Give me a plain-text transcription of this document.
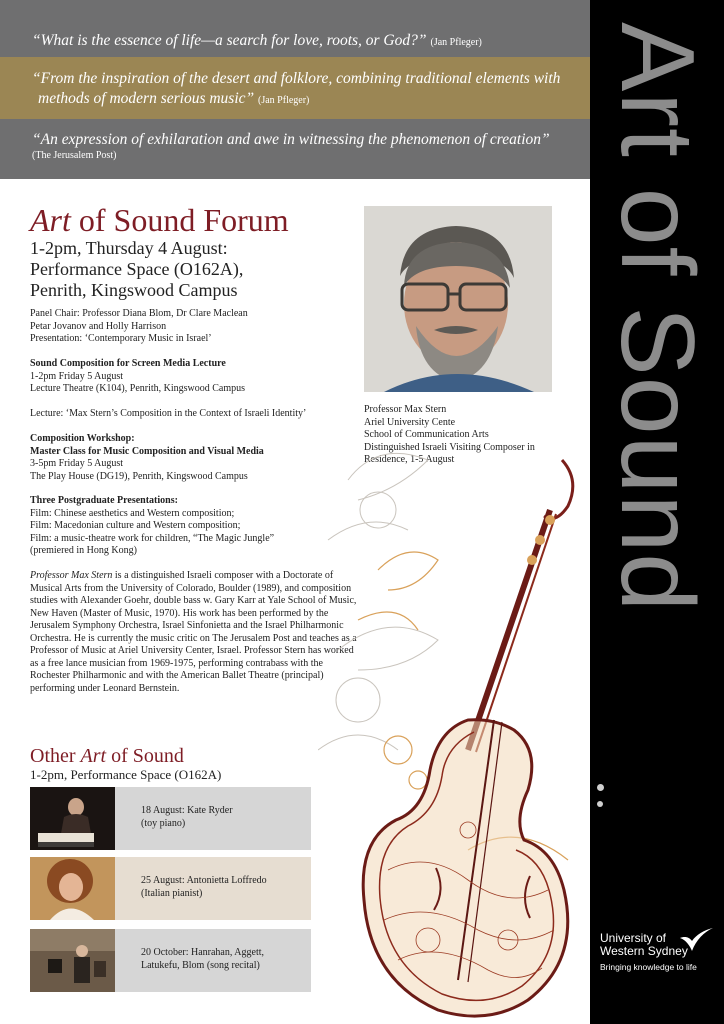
“What is the essence of life—a search for love, roots, or God?” (Jan Pfleger)
“From the inspiration of the desert and folklore, combining traditional elements with
methods of modern serious music” (Jan Pfleger)
“An expression of exhilaration and awe in witnessing the phenomenon of creation”
(The Jerusalem Post)	Art of Sound
University of
Western Sydney
Bringing knowledge to life
Art of Sound Forum
1-2pm, Thursday 4 August:
Performance Space (O162A),
Penrith, Kingswood Campus
Panel Chair: Professor Diana Blom, Dr Clare Maclean
Petar Jovanov and Holly Harrison
Presentation: ‘Contemporary Music in Israel’
Sound Composition for Screen Media Lecture
1-2pm Friday 5 August
Lecture Theatre (K104), Penrith, Kingswood Campus
Lecture: ‘Max Stern’s Composition in the Context of Israeli Identity’
Composition Workshop:
Master Class for Music Composition and Visual Media
3-5pm Friday 5 August
The Play House (DG19), Penrith, Kingswood Campus
Three Postgraduate Presentations:
Film: Chinese aesthetics and Western composition;
Film: Macedonian culture and Western composition;
Film: a music-theatre work for children, “The Magic Jungle”
(premiered in Hong Kong)
Professor Max Stern is a distinguished Israeli composer with a Doctorate of Musical Arts from the University of Colorado, Boulder (1989), and composition studies with Alexander Goehr, double bass w. Gary Karr at Yale School of Music, New Haven (Master of Music, 1970). His work has been performed by the Jerusalem Symphony Orchestra, Israel Sinfonietta and the Israel Philharmonic Orchestra. He is currently the music critic on The Jerusalem Post and teaches as a Professor of Music at Ariel University Center, Israel. Professor Stern has worked as a free lance musician from 1969-1975, performing contrabass with the Rochester Philharmonic and with the American Ballet Theatre (principal) performing under Leonard Bernstein.
Other Art of Sound
1-2pm, Performance Space (O162A)
18 August: Kate Ryder
(toy piano)
25 August: Antonietta Loffredo
(Italian pianist)
20 October: Hanrahan, Aggett,
Latukefu, Blom (song recital)
Professor Max Stern
Ariel University Cente
School of Communication Arts
Distinguished Israeli Visiting Composer in
Residence, 1-5 August
